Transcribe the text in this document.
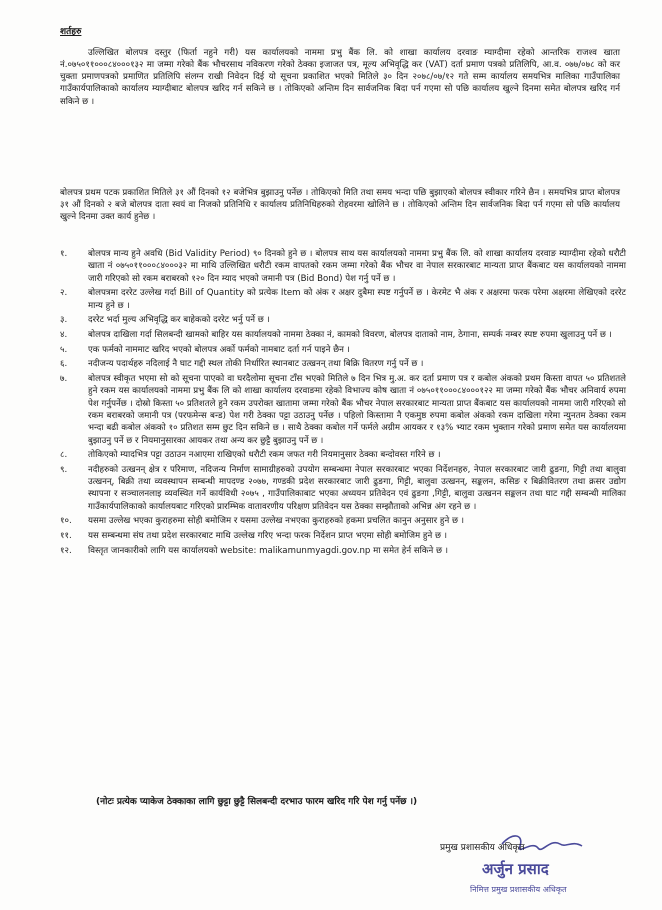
शर्तहरु

उल्लिखित बोलपत्र दस्तुर (फिर्ता नहुने गरी) यस कार्यालयको नाममा प्रभु बैंक लि. को शाखा कार्यालय दरवाङ म्याग्दीमा रहेको आन्तरिक राजश्व खाता नं.०७५०११०००८४०००१३२ मा जम्मा गरेको बैंक भौचरसाथ नविकरण गरेको ठेक्का इजाजत पत्र, मूल्य अभिवृद्धि कर (VAT) दर्ता प्रमाण पत्रको प्रतिलिपि, आ.व. ०७७/०७८ को कर चुक्ता प्रमाणपत्रको प्रमाणित प्रतिलिपि संलग्न राखी निवेदन दिई यो सूचना प्रकाशित भएको मितिले ३० दिन २०७८/०७/१२ गते सम्म कार्यालय समयभित्र मालिका गाउँपालिका गाउँकार्यपालिकाको कार्यालय म्याग्दीबाट बोलपत्र खरिद गर्न सकिने छ । तोकिएको अन्तिम दिन सार्वजनिक बिदा पर्न गएमा सो पछि कार्यालय खुल्ने दिनमा समेत बोलपत्र खरिद गर्न सकिने छ ।

बोलपत्र प्रथम पटक प्रकाशित मितिले ३१ औं दिनको १२ बजेभित्र बुझाउनु पर्नेछ । तोकिएको मिति तथा समय भन्दा पछि बुझाएको बोलपत्र स्वीकार गरिने छैन । समयभित्र प्राप्त बोलपत्र ३१ औं दिनको २ बजे बोलपत्र दाता स्वयं वा निजको प्रतिनिधि र कार्यालय प्रतिनिधिहरुको रोहवरमा खोलिने छ । तोकिएको अन्तिम दिन सार्वजनिक बिदा पर्न गएमा सो पछि कार्यालय खुल्ने दिनमा उक्त कार्य हुनेछ ।

१. बोलपत्र मान्य हुने अवधि (Bid Validity Period) ९० दिनको हुने छ । बोलपत्र साथ यस कार्यालयको नाममा प्रभु बैंक लि. को शाखा कार्यालय दरवाङ म्याग्दीमा रहेको धरौटी खाता नं ०७५०११०००८४०००३२ मा माथि उल्लिखित धरौटी रकम वापतको रकम जम्मा गरेको बैंक भौचर वा नेपाल सरकारबाट मान्यता प्राप्त बैंकबाट यस कार्यालयको नाममा जारी गरिएको सो रकम बराबरको १२० दिन म्याद भएको जमानी पत्र (Bid Bond) पेश गर्नु पर्ने छ ।
२. बोलपत्रमा दररेट उल्लेख गर्दा Bill of Quantity को प्रत्येक Item को अंक र अक्षर दुबैमा स्पष्ट गर्नुपर्ने छ । केरमेट भै अंक र अक्षरमा फरक परेमा अक्षरमा लेखिएको दररेट मान्य हुने छ ।
३. दररेट भर्दा मुल्य अभिवृद्धि कर बाहेकको दररेट भर्नु पर्ने छ ।
४. बोलपत्र दाखिला गर्दा सिलबन्दी खामको बाहिर यस कार्यालयको नाममा ठेक्का नं, कामको विवरण, बोलपत्र दाताको नाम, ठेगाना, सम्पर्क नम्बर स्पष्ट रुपमा खुलाउनु पर्ने छ ।
५. एक फर्मको नाममाट खरिद भएको बोलपत्र अर्को फर्मको नामबाट दर्ता गर्न पाइने छैन ।
६. नदीजन्य पदार्थहरु नदिलाई नै घाट गद्दी स्थल तोकी निर्धारित स्थानबाट उत्खनन् तथा बिक्रि वितरण गर्नु पर्ने छ ।
७. बोलपत्र स्वीकृत भएमा सो को सूचना पाएको वा घरदैलोमा सूचना टाँस भएको मितिले ७ दिन भित्र मु.अ. कर दर्ता प्रमाण पत्र र कबोल अंकको प्रथम किस्ता वापत ५० प्रतिशतले हुने रकम यस कार्यालयको नाममा प्रभु बैंक लि को शाखा कार्यालय दरवाङमा रहेको विभाज्य कोष खाता नं ०७५०११०००८४०००१२२ मा जम्मा गरेको बैंक भौचर अनिवार्य रुपमा पेश गर्नुपर्नेछ । दोस्रो किस्ता ५० प्रतिशतले हुने रकम उपरोक्त खातामा जम्मा गरेको बैंक भौचर नेपाल सरकारबाट मान्यता प्राप्त बैंकबाट यस कार्यालयको नाममा जारी गरिएको सो रकम बराबरको जमानी पत्र (परफमेन्स बन्ड) पेश गरी ठेक्का पट्टा उठाउनु पर्नेछ । पहिलो किस्तामा नै एकमुष्ठ रुपमा कबोल अंकको रकम दाखिला गरेमा न्युनतम ठेक्का रकम भन्दा बढी कबोल अंकको १० प्रतिशत सम्म छुट दिन सकिने छ । साथै ठेक्का कबोल गर्ने फर्मले अग्रीम आयकर र १३% भ्याट रकम भुक्तान गरेको प्रमाण समेत यस कार्यालयमा बुझाउनु पर्ने छ र नियमानुसारका आयकर तथा अन्य कर छुट्टै बुझाउनु पर्ने छ ।
८. तोकिएको म्यादभित्र पट्टा उठाउन नआएमा राखिएको धरौटी रकम जफत गरी नियमानुसार ठेक्का बन्दोवस्त गरिने छ ।
९. नदीहरुको उत्खनन् क्षेत्र र परिमाण, नदिजन्य निर्माण सामाग्रीहरुको उपयोग सम्बन्धमा नेपाल सरकारबाट भएका निर्देशनहरु, नेपाल सरकारबाट जारी ढुङगा, गिट्टी तथा बालुवा उत्खनन्, बिक्री तथा व्यवस्थापन सम्बन्धी मापदण्ड २०७७, गण्डकी प्रदेश सरकारबाट जारी ढुङगा, गिट्टी, बालुवा उत्खनन्, सङ्कलन, कसिङ र बिक्रीवितरण तथा क्रसर उद्योग स्थापना र सञ्चालनलाइ व्यवस्थित गर्ने कार्यविधी २०७५ , गाउँपालिकाबाट भएका अध्ययन प्रतिवेदन एवं ढुङगा ,गिट्टी, बालुवा उत्खनन सङ्कलन तथा घाट गद्दी सम्बन्धी मालिका गाउँकार्यपालिकाको कार्यालयबाट गरिएको प्रारम्भिक वातावरणीय परिक्षण प्रतिवेदन यस ठेक्का सम्झौताको अभिन्न अंग रहने छ ।
१०. यसमा उल्लेख भएका कुराहरुमा सोही बमोजिम र यसमा उल्लेख नभएका कुराहरुको हकमा प्रचलित कानुन अनुसार हुने छ ।
११. यस सम्बन्धमा संघ तथा प्रदेश सरकारबाट माथि उल्लेख गरिए भन्दा फरक निर्देशन प्राप्त भएमा सोही बमोजिम हुने छ ।
१२. विस्तृत जानकारीको लागि यस कार्यालयको website: malikamunmyagdi.gov.np मा समेत हेर्न सकिने छ ।
(नोटः प्रत्येक प्याकेज ठेक्काका लागि छुट्टा छुट्टै सिलबन्दी दरभाउ फारम खरिद गरि पेश गर्नु पर्नेछ ।)
अर्जुन प्रसाद
निमित्त प्रमुख प्रशासकीय अधिकृत
प्रमुख प्रशासकीय अधिकृत
